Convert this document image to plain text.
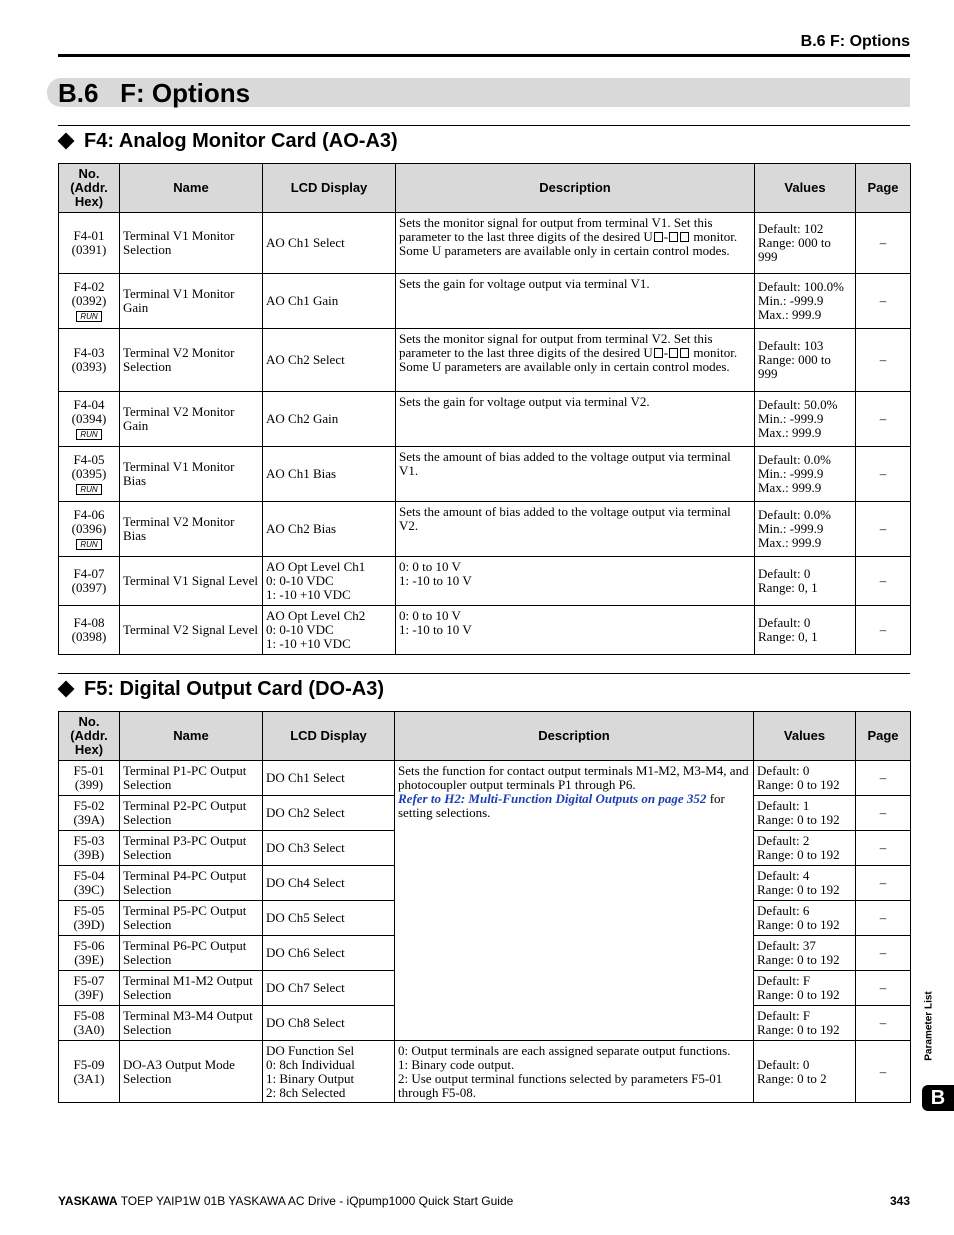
B.6 F: Options
B.6   F: Options
F4: Analog Monitor Card (AO-A3)
No.
(Addr.
Hex)	Name	LCD Display	Description	Values	Page

F4-01
(0391)	Terminal V1 Monitor Selection	AO Ch1 Select	Sets the monitor signal for output from terminal V1. Set this parameter to the last three digits of the desired U - monitor. Some U parameters are available only in certain control modes.	Default: 102
Range: 000 to 999	–

F4-02
(0392)
RUN	Terminal V1 Monitor Gain	AO Ch1 Gain	Sets the gain for voltage output via terminal V1.	Default: 100.0%
Min.: -999.9
Max.: 999.9	–

F4-03
(0393)	Terminal V2 Monitor Selection	AO Ch2 Select	Sets the monitor signal for output from terminal V2. Set this parameter to the last three digits of the desired U - monitor. Some U parameters are available only in certain control modes.	Default: 103
Range: 000 to 999	–

F4-04
(0394)
RUN	Terminal V2 Monitor Gain	AO Ch2 Gain	Sets the gain for voltage output via terminal V2.	Default: 50.0%
Min.: -999.9
Max.: 999.9	–

F4-05
(0395)
RUN	Terminal V1 Monitor Bias	AO Ch1 Bias	Sets the amount of bias added to the voltage output via terminal V1.	Default: 0.0%
Min.: -999.9
Max.: 999.9	–

F4-06
(0396)
RUN	Terminal V2 Monitor Bias	AO Ch2 Bias	Sets the amount of bias added to the voltage output via terminal V2.	Default: 0.0%
Min.: -999.9
Max.: 999.9	–

F4-07
(0397)	Terminal V1 Signal Level	AO Opt Level Ch1
0: 0-10 VDC
1: -10 +10 VDC	0: 0 to 10 V
1: -10 to 10 V	Default: 0
Range: 0, 1	–

F4-08
(0398)	Terminal V2 Signal Level	AO Opt Level Ch2
0: 0-10 VDC
1: -10 +10 VDC	0: 0 to 10 V
1: -10 to 10 V	Default: 0
Range: 0, 1	–
F5: Digital Output Card (DO-A3)
No.
(Addr.
Hex)	Name	LCD Display	Description	Values	Page

F5-01
(399)	Terminal P1-PC Output Selection	DO Ch1 Select	Sets the function for contact output terminals M1-M2, M3-M4, and photocoupler output terminals P1 through P6.
Refer to H2: Multi-Function Digital Outputs on page 352 for setting selections.	Default: 0
Range: 0 to 192	–

F5-02
(39A)	Terminal P2-PC Output Selection	DO Ch2 Select		Default: 1
Range: 0 to 192	–

F5-03
(39B)	Terminal P3-PC Output Selection	DO Ch3 Select		Default: 2
Range: 0 to 192	–

F5-04
(39C)	Terminal P4-PC Output Selection	DO Ch4 Select		Default: 4
Range: 0 to 192	–

F5-05
(39D)	Terminal P5-PC Output Selection	DO Ch5 Select		Default: 6
Range: 0 to 192	–

F5-06
(39E)	Terminal P6-PC Output Selection	DO Ch6 Select		Default: 37
Range: 0 to 192	–

F5-07
(39F)	Terminal M1-M2 Output Selection	DO Ch7 Select		Default: F
Range: 0 to 192	–

F5-08
(3A0)	Terminal M3-M4 Output Selection	DO Ch8 Select		Default: F
Range: 0 to 192	–

F5-09
(3A1)	DO-A3 Output Mode Selection	DO Function Sel
0: 8ch Individual
1: Binary Output
2: 8ch Selected	0: Output terminals are each assigned separate output functions.
1: Binary code output.
2: Use output terminal functions selected by parameters F5-01 through F5-08.	Default: 0
Range: 0 to 2	–
Parameter List
B
YASKAWA TOEP YAIP1W 01B YASKAWA AC Drive - iQpump1000 Quick Start Guide	343
